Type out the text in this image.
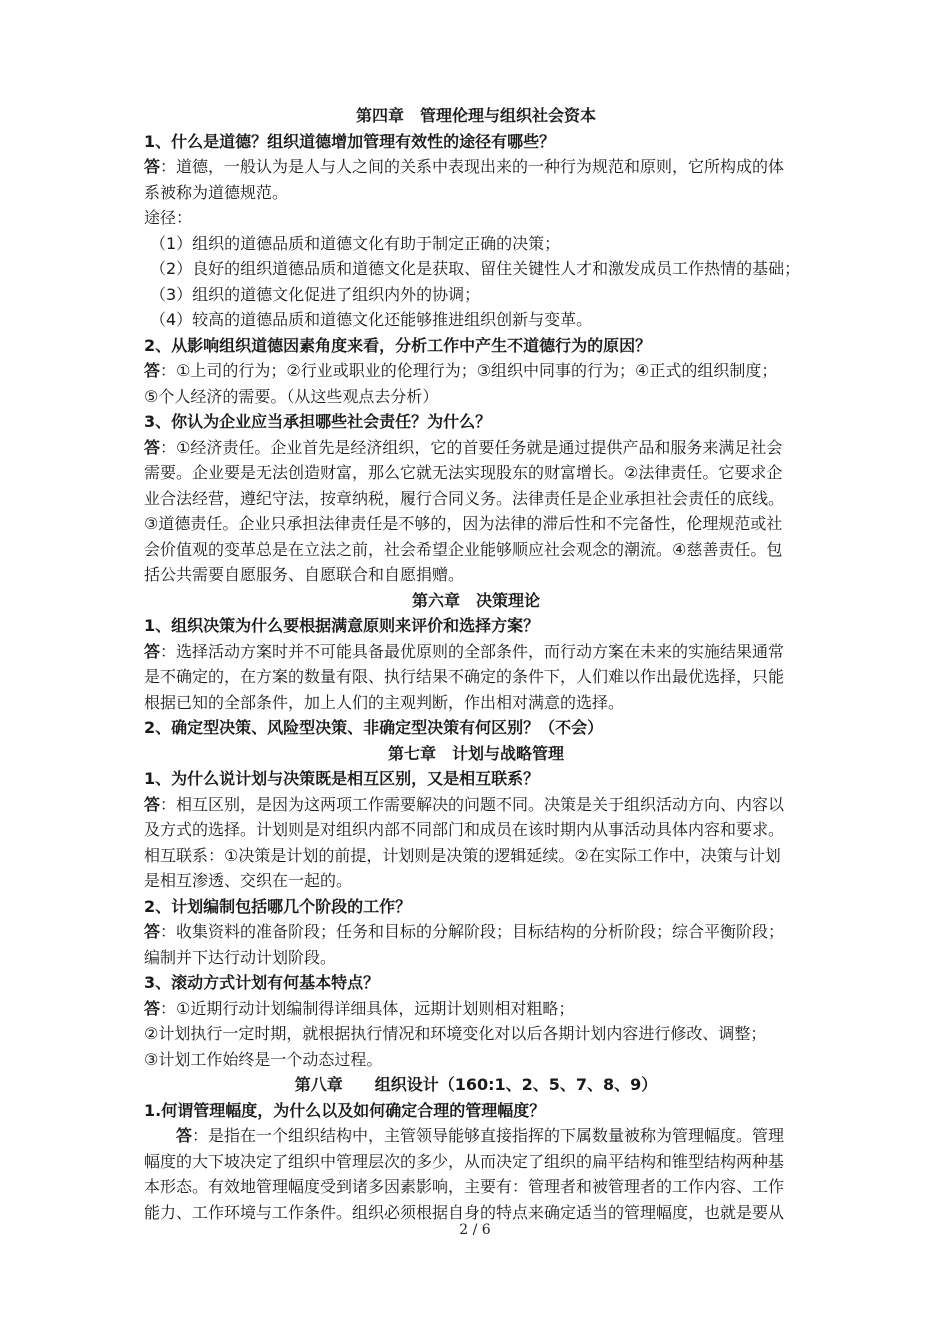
第四章　管理伦理与组织社会资本
1、什么是道德？组织道德增加管理有效性的途径有哪些？
答：道德，一般认为是人与人之间的关系中表现出来的一种行为规范和原则，它所构成的体
系被称为道德规范。
途径：
（1）组织的道德品质和道德文化有助于制定正确的决策；
（2）良好的组织道德品质和道德文化是获取、留住关键性人才和激发成员工作热情的基础；
（3）组织的道德文化促进了组织内外的协调；
（4）较高的道德品质和道德文化还能够推进组织创新与变革。
2、从影响组织道德因素角度来看，分析工作中产生不道德行为的原因？
答：①上司的行为；②行业或职业的伦理行为；③组织中同事的行为；④正式的组织制度；
⑤个人经济的需要。（从这些观点去分析）
3、你认为企业应当承担哪些社会责任？为什么？
答：①经济责任。企业首先是经济组织，它的首要任务就是通过提供产品和服务来满足社会
需要。企业要是无法创造财富，那么它就无法实现股东的财富增长。②法律责任。它要求企
业合法经营，遵纪守法，按章纳税，履行合同义务。法律责任是企业承担社会责任的底线。
③道德责任。企业只承担法律责任是不够的，因为法律的滞后性和不完备性，伦理规范或社
会价值观的变革总是在立法之前，社会希望企业能够顺应社会观念的潮流。④慈善责任。包
括公共需要自愿服务、自愿联合和自愿捐赠。
第六章　决策理论
1、组织决策为什么要根据满意原则来评价和选择方案？
答：选择活动方案时并不可能具备最优原则的全部条件，而行动方案在未来的实施结果通常
是不确定的，在方案的数量有限、执行结果不确定的条件下，人们难以作出最优选择，只能
根据已知的全部条件，加上人们的主观判断，作出相对满意的选择。
2、确定型决策、风险型决策、非确定型决策有何区别？（不会）
第七章　计划与战略管理
1、为什么说计划与决策既是相互区别，又是相互联系？
答：相互区别，是因为这两项工作需要解决的问题不同。决策是关于组织活动方向、内容以
及方式的选择。计划则是对组织内部不同部门和成员在该时期内从事活动具体内容和要求。
相互联系：①决策是计划的前提，计划则是决策的逻辑延续。②在实际工作中，决策与计划
是相互渗透、交织在一起的。
2、计划编制包括哪几个阶段的工作？
答：收集资料的准备阶段；任务和目标的分解阶段；目标结构的分析阶段；综合平衡阶段；
编制并下达行动计划阶段。
3、滚动方式计划有何基本特点？
答：①近期行动计划编制得详细具体，远期计划则相对粗略；
②计划执行一定时期，就根据执行情况和环境变化对以后各期计划内容进行修改、调整；
③计划工作始终是一个动态过程。
第八章　　组织设计（160:1、2、5、7、8、9）
1.何谓管理幅度，为什么以及如何确定合理的管理幅度？
答：是指在一个组织结构中，主管领导能够直接指挥的下属数量被称为管理幅度。管理
幅度的大下坡决定了组织中管理层次的多少，从而决定了组织的扁平结构和锥型结构两种基
本形态。有效地管理幅度受到诸多因素影响，主要有：管理者和被管理者的工作内容、工作
能力、工作环境与工作条件。组织必须根据自身的特点来确定适当的管理幅度，也就是要从
2 / 6
